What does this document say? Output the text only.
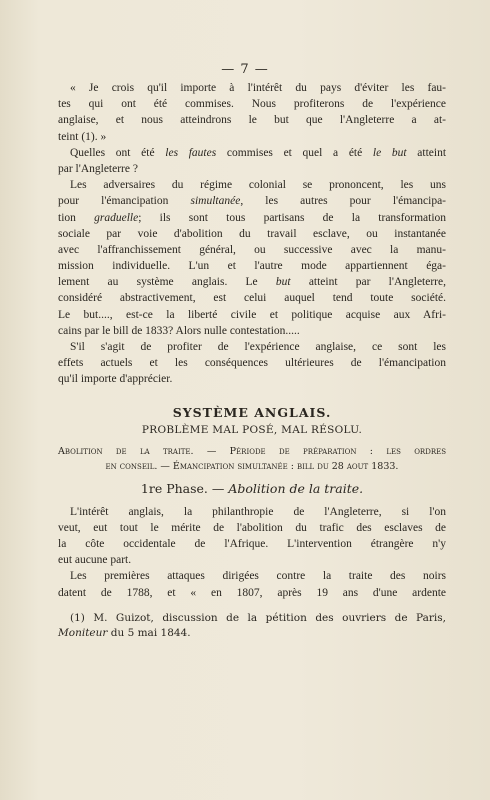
— 7 —
« Je crois qu'il importe à l'intérêt du pays d'éviter les fau-
tes qui ont été commises. Nous profiterons de l'expérience
anglaise, et nous atteindrons le but que l'Angleterre a at-
teint (1). »
Quelles ont été les fautes commises et quel a été le but atteint
par l'Angleterre ?
Les adversaires du régime colonial se prononcent, les uns
pour l'émancipation simultanée, les autres pour l'émancipa-
tion graduelle; ils sont tous partisans de la transformation
sociale par voie d'abolition du travail esclave, ou instantanée
avec l'affranchissement général, ou successive avec la manu-
mission individuelle. L'un et l'autre mode appartiennent éga-
lement au système anglais. Le but atteint par l'Angleterre,
considéré abstractivement, est celui auquel tend toute société.
Le but...., est-ce la liberté civile et politique acquise aux Afri-
cains par le bill de 1833? Alors nulle contestation.....
S'il s'agit de profiter de l'expérience anglaise, ce sont les
effets actuels et les conséquences ultérieures de l'émancipation
qu'il importe d'apprécier.
SYSTÈME ANGLAIS.
PROBLÈME MAL POSÉ, MAL RÉSOLU.
Abolition de la traite. — Période de préparation : les ordres
en conseil. — Émancipation simultanée : bill du 28 aout 1833.
1re Phase. — Abolition de la traite.
L'intérêt anglais, la philanthropie de l'Angleterre, si l'on
veut, eut tout le mérite de l'abolition du trafic des esclaves de
la côte occidentale de l'Afrique. L'intervention étrangère n'y
eut aucune part.
Les premières attaques dirigées contre la traite des noirs
datent de 1788, et « en 1807, après 19 ans d'une ardente
(1) M. Guizot, discussion de la pétition des ouvriers de Paris,
Moniteur du 5 mai 1844.
